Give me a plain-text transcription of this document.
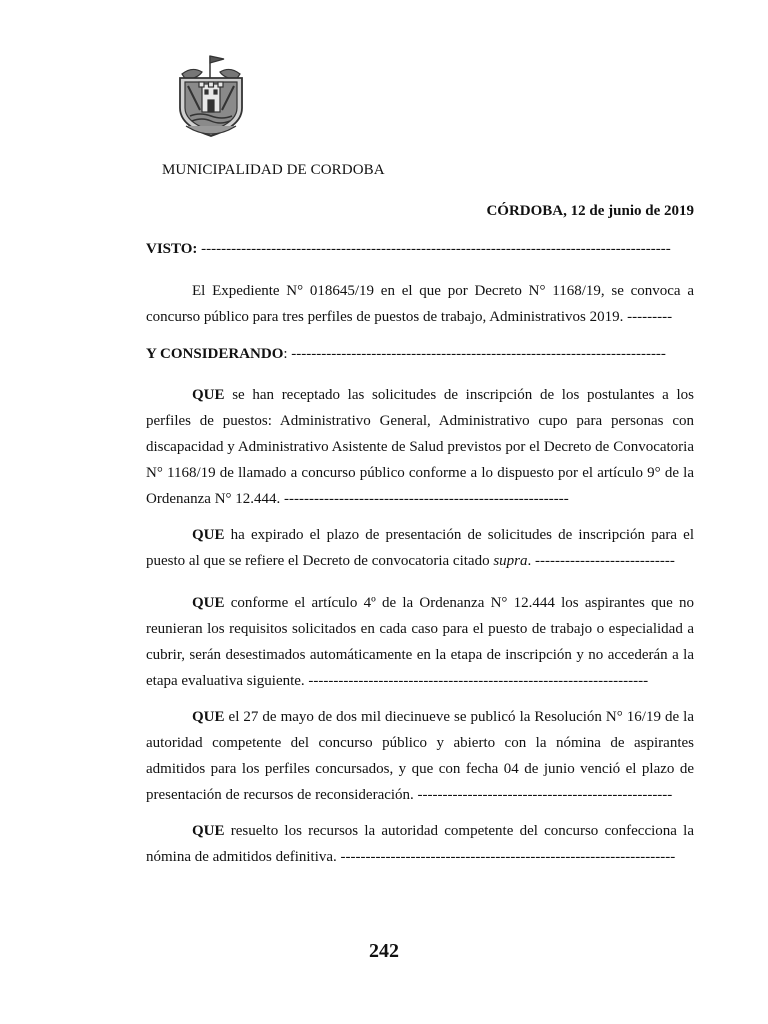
MUNICIPALIDAD DE CORDOBA
CÓRDOBA, 12 de junio de 2019
VISTO: ----------------------------------------------------------------------------------------------

El Expediente N° 018645/19 en el que por Decreto N° 1168/19, se convoca a concurso público para tres perfiles de puestos de trabajo, Administrativos 2019. ---------

Y CONSIDERANDO: ---------------------------------------------------------------------------

QUE se han receptado las solicitudes de inscripción de los postulantes a los perfiles de puestos: Administrativo General, Administrativo cupo para personas con discapacidad y Administrativo Asistente de Salud previstos por el Decreto de Convocatoria N° 1168/19 de llamado a concurso público conforme a lo dispuesto por el artículo 9° de la Ordenanza N° 12.444. ---------------------------------------------------------

QUE ha expirado el plazo de presentación de solicitudes de inscripción para el puesto al que se refiere el Decreto de convocatoria citado supra. ----------------------------

QUE conforme el artículo 4º de la Ordenanza N° 12.444 los aspirantes que no reunieran los requisitos solicitados en cada caso para el puesto de trabajo o especialidad a cubrir, serán desestimados automáticamente en la etapa de inscripción y no accederán a la etapa evaluativa siguiente. --------------------------------------------------------------------

QUE el 27 de mayo de dos mil diecinueve se publicó la Resolución N° 16/19 de la autoridad competente del concurso público y abierto con la nómina de aspirantes admitidos para los perfiles concursados, y que con fecha 04 de junio venció el plazo de presentación de recursos de reconsideración. ---------------------------------------------------

QUE resuelto los recursos la autoridad competente del concurso confecciona la nómina de admitidos definitiva. -------------------------------------------------------------------

242
